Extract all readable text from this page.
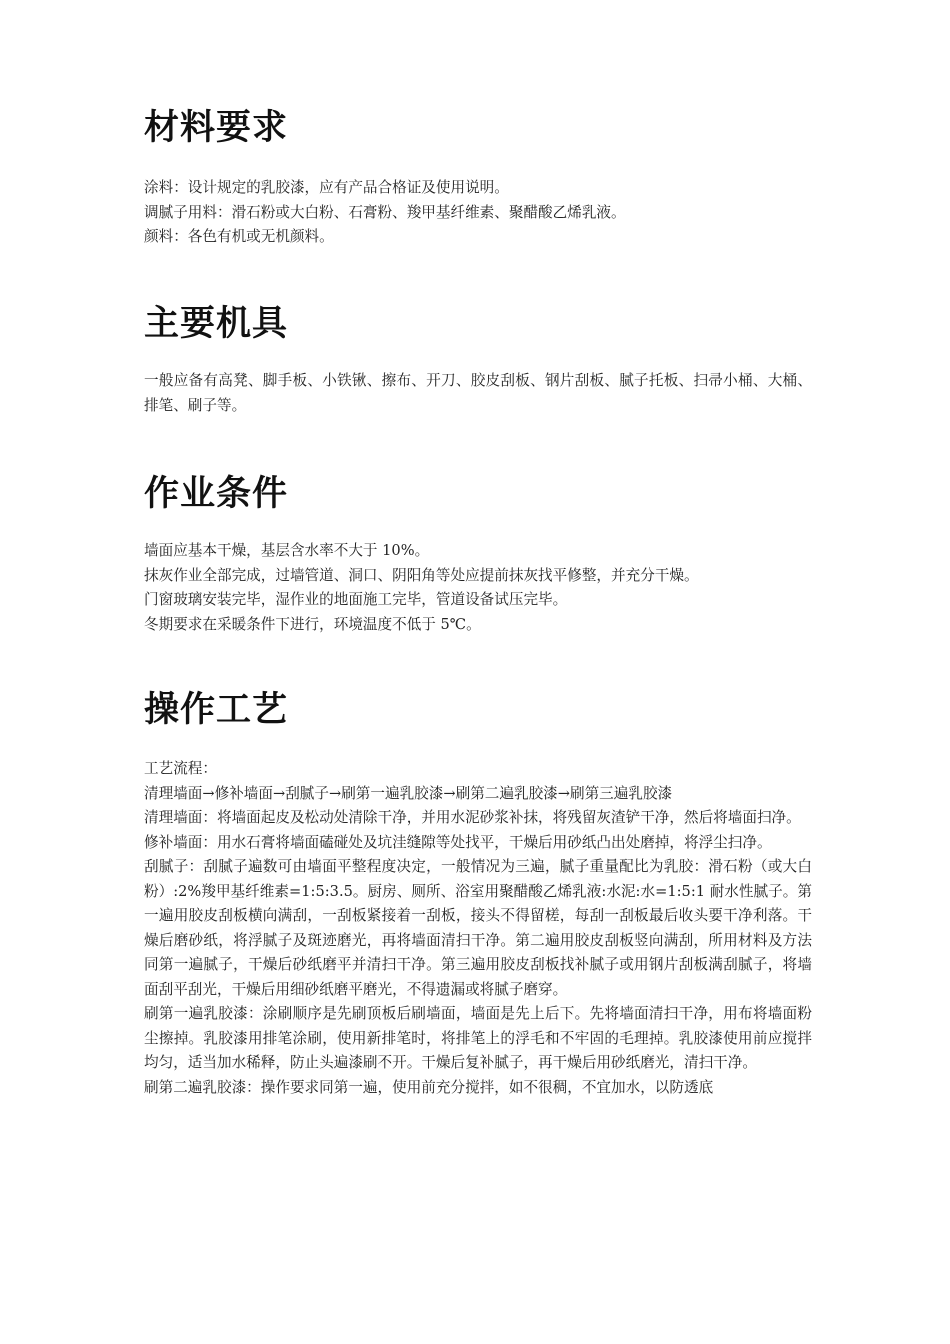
材料要求

涂料：设计规定的乳胶漆，应有产品合格证及使用说明。

调腻子用料：滑石粉或大白粉、石膏粉、羧甲基纤维素、聚醋酸乙烯乳液。

颜料：各色有机或无机颜料。

主要机具

一般应备有高凳、脚手板、小铁锹、擦布、开刀、胶皮刮板、钢片刮板、腻子托板、扫帚小桶、大桶、排笔、刷子等。

作业条件

墙面应基本干燥，基层含水率不大于 10%。

抹灰作业全部完成，过墙管道、洞口、阴阳角等处应提前抹灰找平修整，并充分干燥。

门窗玻璃安装完毕，湿作业的地面施工完毕，管道设备试压完毕。

冬期要求在采暖条件下进行，环境温度不低于 5℃。

操作工艺

工艺流程：

清理墙面→修补墙面→刮腻子→刷第一遍乳胶漆→刷第二遍乳胶漆→刷第三遍乳胶漆

清理墙面：将墙面起皮及松动处清除干净，并用水泥砂浆补抹，将残留灰渣铲干净，然后将墙面扫净。

修补墙面：用水石膏将墙面磕碰处及坑洼缝隙等处找平，干燥后用砂纸凸出处磨掉，将浮尘扫净。

刮腻子：刮腻子遍数可由墙面平整程度决定，一般情况为三遍，腻子重量配比为乳胶：滑石粉（或大白粉）:2%羧甲基纤维素=1:5:3.5。厨房、厕所、浴室用聚醋酸乙烯乳液:水泥:水=1:5:1 耐水性腻子。第一遍用胶皮刮板横向满刮，一刮板紧接着一刮板，接头不得留槎，每刮一刮板最后收头要干净利落。干燥后磨砂纸，将浮腻子及斑迹磨光，再将墙面清扫干净。第二遍用胶皮刮板竖向满刮，所用材料及方法同第一遍腻子，干燥后砂纸磨平并清扫干净。第三遍用胶皮刮板找补腻子或用钢片刮板满刮腻子，将墙面刮平刮光，干燥后用细砂纸磨平磨光，不得遗漏或将腻子磨穿。

刷第一遍乳胶漆：涂刷顺序是先刷顶板后刷墙面，墙面是先上后下。先将墙面清扫干净，用布将墙面粉尘擦掉。乳胶漆用排笔涂刷，使用新排笔时，将排笔上的浮毛和不牢固的毛理掉。乳胶漆使用前应搅拌均匀，适当加水稀释，防止头遍漆刷不开。干燥后复补腻子，再干燥后用砂纸磨光，清扫干净。

刷第二遍乳胶漆：操作要求同第一遍，使用前充分搅拌，如不很稠，不宜加水，以防透底
